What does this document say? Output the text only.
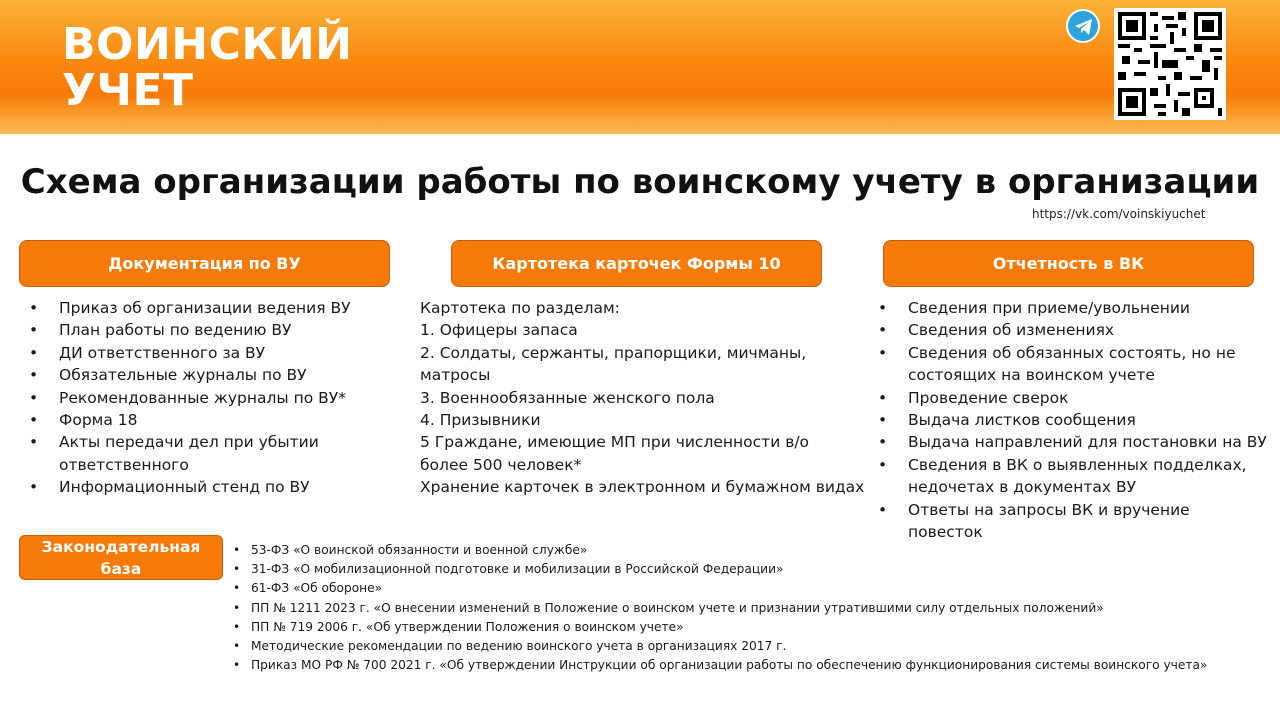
ВОИНСКИЙ
УЧЕТ
Схема организации работы по воинскому учету в организации
https://vk.com/voinskiyuchet
Документация по ВУ
• Приказ об организации ведения ВУ
• План работы по ведению ВУ
• ДИ ответственного за ВУ
• Обязательные журналы по ВУ
• Рекомендованные журналы по ВУ*
• Форма 18
• Акты передачи дел при убытии ответственного
• Информационный стенд по ВУ
Картотека карточек Формы 10
Картотека по разделам:
1. Офицеры запаса
2. Солдаты, сержанты, прапорщики, мичманы,
матросы
3. Военнообязанные женского пола
4. Призывники
5 Граждане, имеющие МП при численности в/о
более 500 человек*
Хранение карточек в электронном и бумажном видах
Отчетность в ВК
• Сведения при приеме/увольнении
• Сведения об изменениях
• Сведения об обязанных состоять, но не состоящих на воинском учете
• Проведение сверок
• Выдача листков сообщения
• Выдача направлений для постановки на ВУ
• Сведения в ВК о выявленных подделках, недочетах в документах ВУ
• Ответы на запросы ВК и вручение повесток
Законодательная база
• 53-ФЗ «О воинской обязанности и военной службе»
• 31-ФЗ «О мобилизационной подготовке и мобилизации в Российской Федерации»
• 61-ФЗ «Об обороне»
• ПП № 1211 2023 г. «О внесении изменений в Положение о воинском учете и признании утратившими силу отдельных положений»
• ПП № 719 2006 г. «Об утверждении Положения о воинском учете»
• Методические рекомендации по ведению воинского учета в организациях 2017 г.
• Приказ МО РФ № 700 2021 г. «Об утверждении Инструкции об организации работы по обеспечению функционирования системы воинского учета»
